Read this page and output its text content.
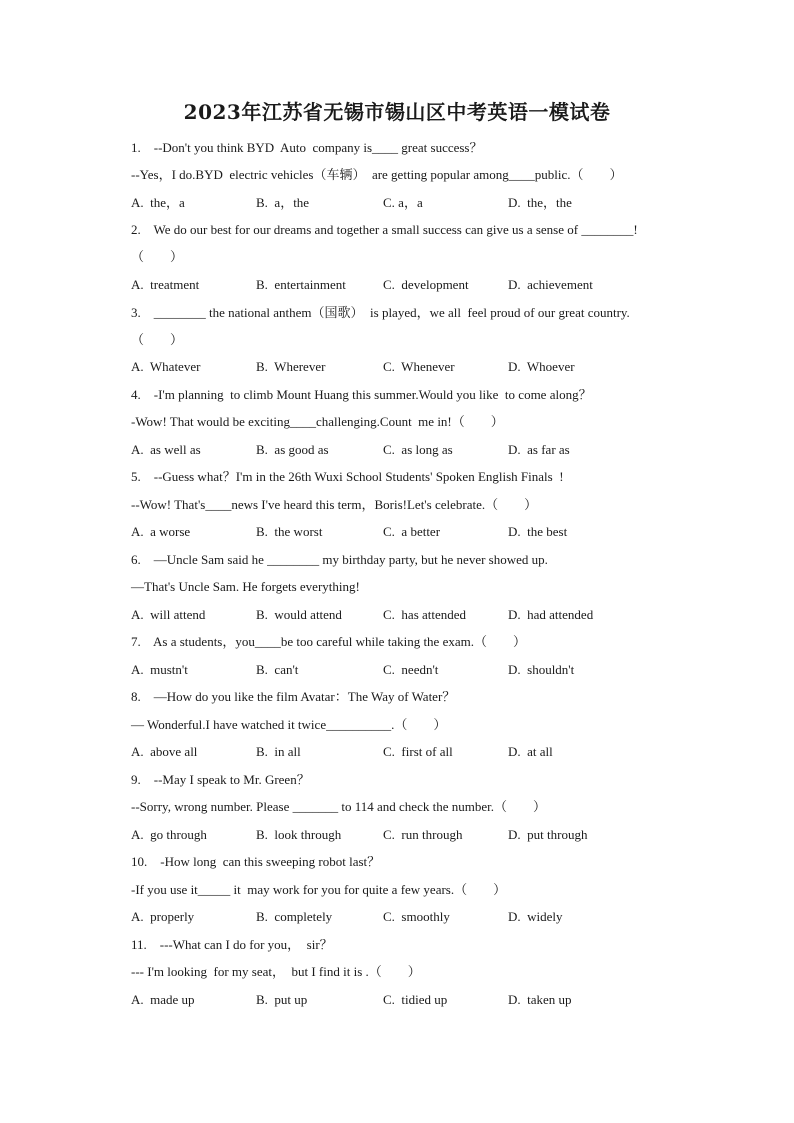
2023年江苏省无锡市锡山区中考英语一模试卷
1.    --Don't you think BYD  Auto  company is____ great success？
--Yes，I do.BYD  electric vehicles（车辆）  are getting popular among____public.（        ）
A.  the，a	B.  a，the	C. a，a	D.  the，the
2.    We do our best for our dreams and together a small success can give us a sense of ________!
（        ）
A.  treatment	B.  entertainment	C.  development	D.  achievement
3.    ________ the national anthem（国歌）  is played，we all  feel proud of our great country.
（        ）
A.  Whatever	B.  Wherever	C.  Whenever	D.  Whoever
4.    -I'm planning  to climb Mount Huang this summer.Would you like  to come along？
-Wow! That would be exciting____challenging.Count  me in!（        ）
A.  as well as	B.  as good as	C.  as long as	D.  as far as
5.    --Guess what？I'm in the 26th Wuxi School Students' Spoken English Finals  !
--Wow! That's____news I've heard this term，Boris!Let's celebrate.（        ）
A.  a worse	B.  the worst	C.  a better	D.  the best
6.    —Uncle Sam said he ________ my birthday party, but he never showed up.
—That's Uncle Sam. He forgets everything!
A.  will attend	B.  would attend	C.  has attended	D.  had attended
7.    As a students，you____be too careful while taking the exam.（        ）
A.  mustn't	B.  can't	C.  needn't	D.  shouldn't
8.    —How do you like the film Avatar：The Way of Water？
— Wonderful.I have watched it twice__________.（        ）
A.  above all	B.  in all	C.  first of all	D.  at all
9.    --May I speak to Mr. Green？
--Sorry, wrong number. Please _______ to 114 and check the number.（        ）
A.  go through	B.  look through	C.  run through	D.  put through
10.    -How long  can this sweeping robot last？
-If you use it_____ it  may work for you for quite a few years.（        ）
A.  properly	B.  completely	C.  smoothly	D.  widely
11.    ---What can I do for you，  sir？
--- I'm looking  for my seat，  but I find it is .（        ）
A.  made up	B.  put up	C.  tidied up	D.  taken up
